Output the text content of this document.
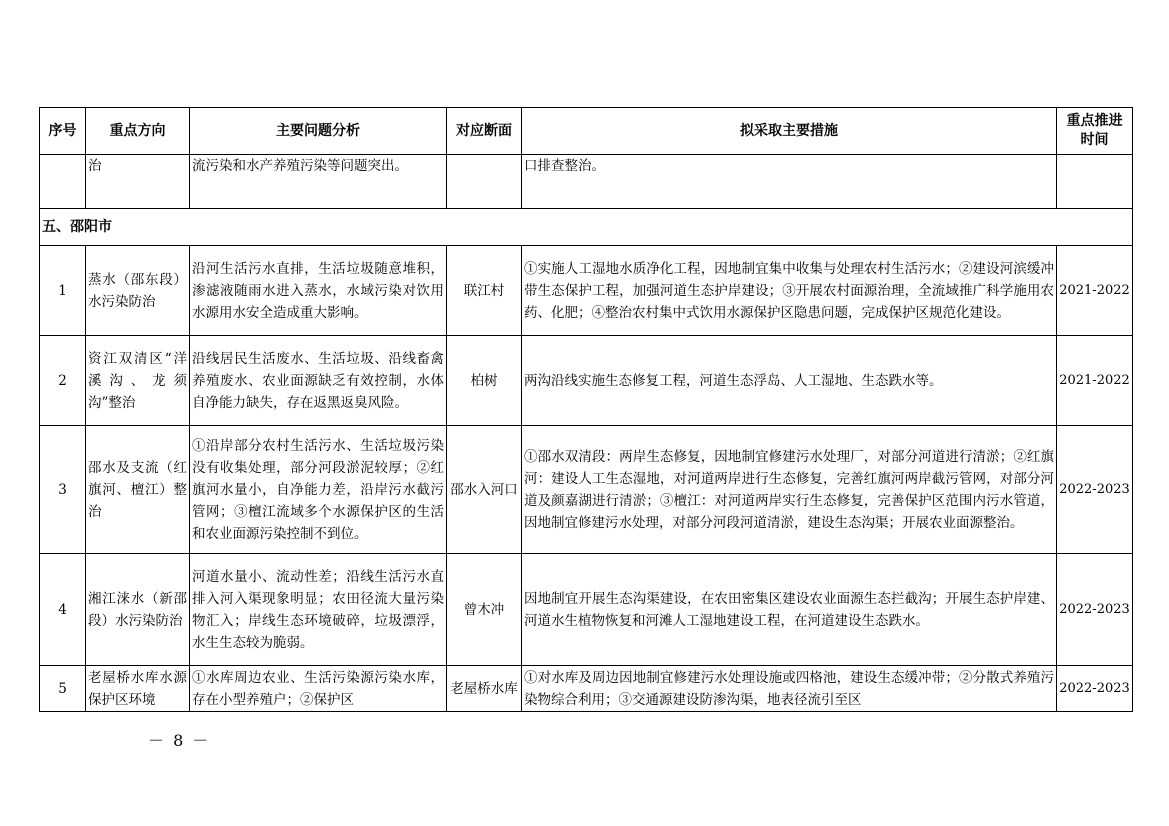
序号	重点方向	主要问题分析	对应断面	拟采取主要措施	重点推进时间
	治	流污染和水产养殖污染等问题突出。		口排查整治。	
五、邵阳市					
1	蒸水（邵东段）水污染防治	沿河生活污水直排，生活垃圾随意堆积，渗滤液随雨水进入蒸水，水域污染对饮用水源用水安全造成重大影响。	联江村	①实施人工湿地水质净化工程，因地制宜集中收集与处理农村生活污水；②建设河滨缓冲带生态保护工程，加强河道生态护岸建设；③开展农村面源治理，全流域推广科学施用农药、化肥；④整治农村集中式饮用水源保护区隐患问题，完成保护区规范化建设。	2021-2022
2	资江双清区“洋溪沟、龙须沟”整治	沿线居民生活废水、生活垃圾、沿线畜禽养殖废水、农业面源缺乏有效控制，水体自净能力缺失，存在返黑返臭风险。	柏树	两沟沿线实施生态修复工程，河道生态浮岛、人工湿地、生态跌水等。	2021-2022
3	邵水及支流（红旗河、檀江）整治	①沿岸部分农村生活污水、生活垃圾污染没有收集处理，部分河段淤泥较厚；②红旗河水量小，自净能力差，沿岸污水截污管网；③檀江流域多个水源保护区的生活和农业面源污染控制不到位。	邵水入河口	①邵水双清段：两岸生态修复，因地制宜修建污水处理厂，对部分河道进行清淤；②红旗河：建设人工生态湿地，对河道两岸进行生态修复，完善红旗河两岸截污管网，对部分河道及颜嘉湖进行清淤；③檀江：对河道两岸实行生态修复，完善保护区范围内污水管道，因地制宜修建污水处理，对部分河段河道清淤，建设生态沟渠；开展农业面源整治。	2022-2023
4	湘江涞水（新邵段）水污染防治	河道水量小、流动性差；沿线生活污水直排入河入渠现象明显；农田径流大量污染物汇入；岸线生态环境破碎，垃圾漂浮，水生生态较为脆弱。	曾木冲	因地制宜开展生态沟渠建设，在农田密集区建设农业面源生态拦截沟；开展生态护岸建、河道水生植物恢复和河滩人工湿地建设工程，在河道建设生态跌水。	2022-2023
5	老屋桥水库水源保护区环境	①水库周边农业、生活污染源污染水库，存在小型养殖户；②保护区	老屋桥水库	①对水库及周边因地制宜修建污水处理设施或四格池，建设生态缓冲带；②分散式养殖污染物综合利用；③交通源建设防渗沟渠，地表径流引至区	2022-2023
－ 8 －
